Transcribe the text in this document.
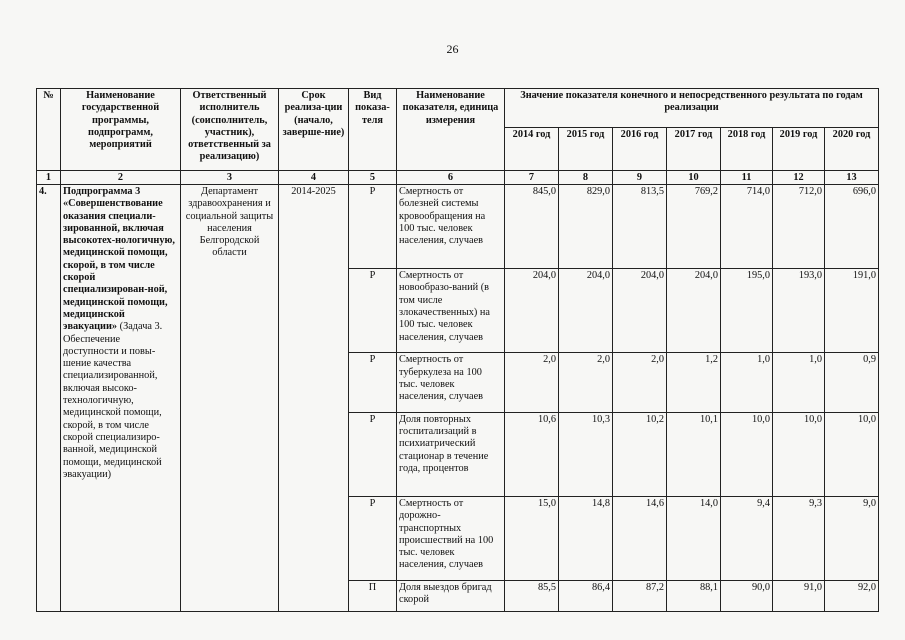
26
№	Наименование государственной программы, подпрограмм, мероприятий	Ответственный исполнитель (соисполнитель, участник), ответственный за реализацию)	Срок реализа-ции (начало, заверше-ние)	Вид показа-теля	Наименование показателя, единица измерения	Значение показателя конечного и непосредственного результата по годам реализации						
						2014 год	2015 год	2016 год	2017 год	2018 год	2019 год	2020 год
1	2	3	4	5	6	7	8	9	10	11	12	13
4.	Подпрограмма 3 «Совершенствование оказания специали-зированной, включая высокотех-нологичную, медицинской помощи, скорой, в том числе скорой специализирован-ной, медицинской помощи, медицинской эвакуации» (Задача 3. Обеспечение доступности и повы-шение качества специализированной, включая высоко-технологичную, медицинской помощи, скорой, в том числе скорой специализиро-ванной, медицинской помощи, медицинской эвакуации)	Департамент здравоохранения и социальной защиты населения Белгородской области	2014-2025	Р	Смертность от болезней системы кровообращения на 100 тыс. человек населения, случаев	845,0	829,0	813,5	769,2	714,0	712,0	696,0
				Р	Смертность от новообразо-ваний (в том числе злокачественных) на 100 тыс. человек населения, случаев	204,0	204,0	204,0	204,0	195,0	193,0	191,0
				Р	Смертность от туберкулеза на 100 тыс. человек населения, случаев	2,0	2,0	2,0	1,2	1,0	1,0	0,9
				Р	Доля повторных госпитализаций в психиатрический стационар в течение года, процентов	10,6	10,3	10,2	10,1	10,0	10,0	10,0
				Р	Смертность от дорожно-транспортных происшествий на 100 тыс. человек населения, случаев	15,0	14,8	14,6	14,0	9,4	9,3	9,0
				П	Доля выездов бригад скорой	85,5	86,4	87,2	88,1	90,0	91,0	92,0
